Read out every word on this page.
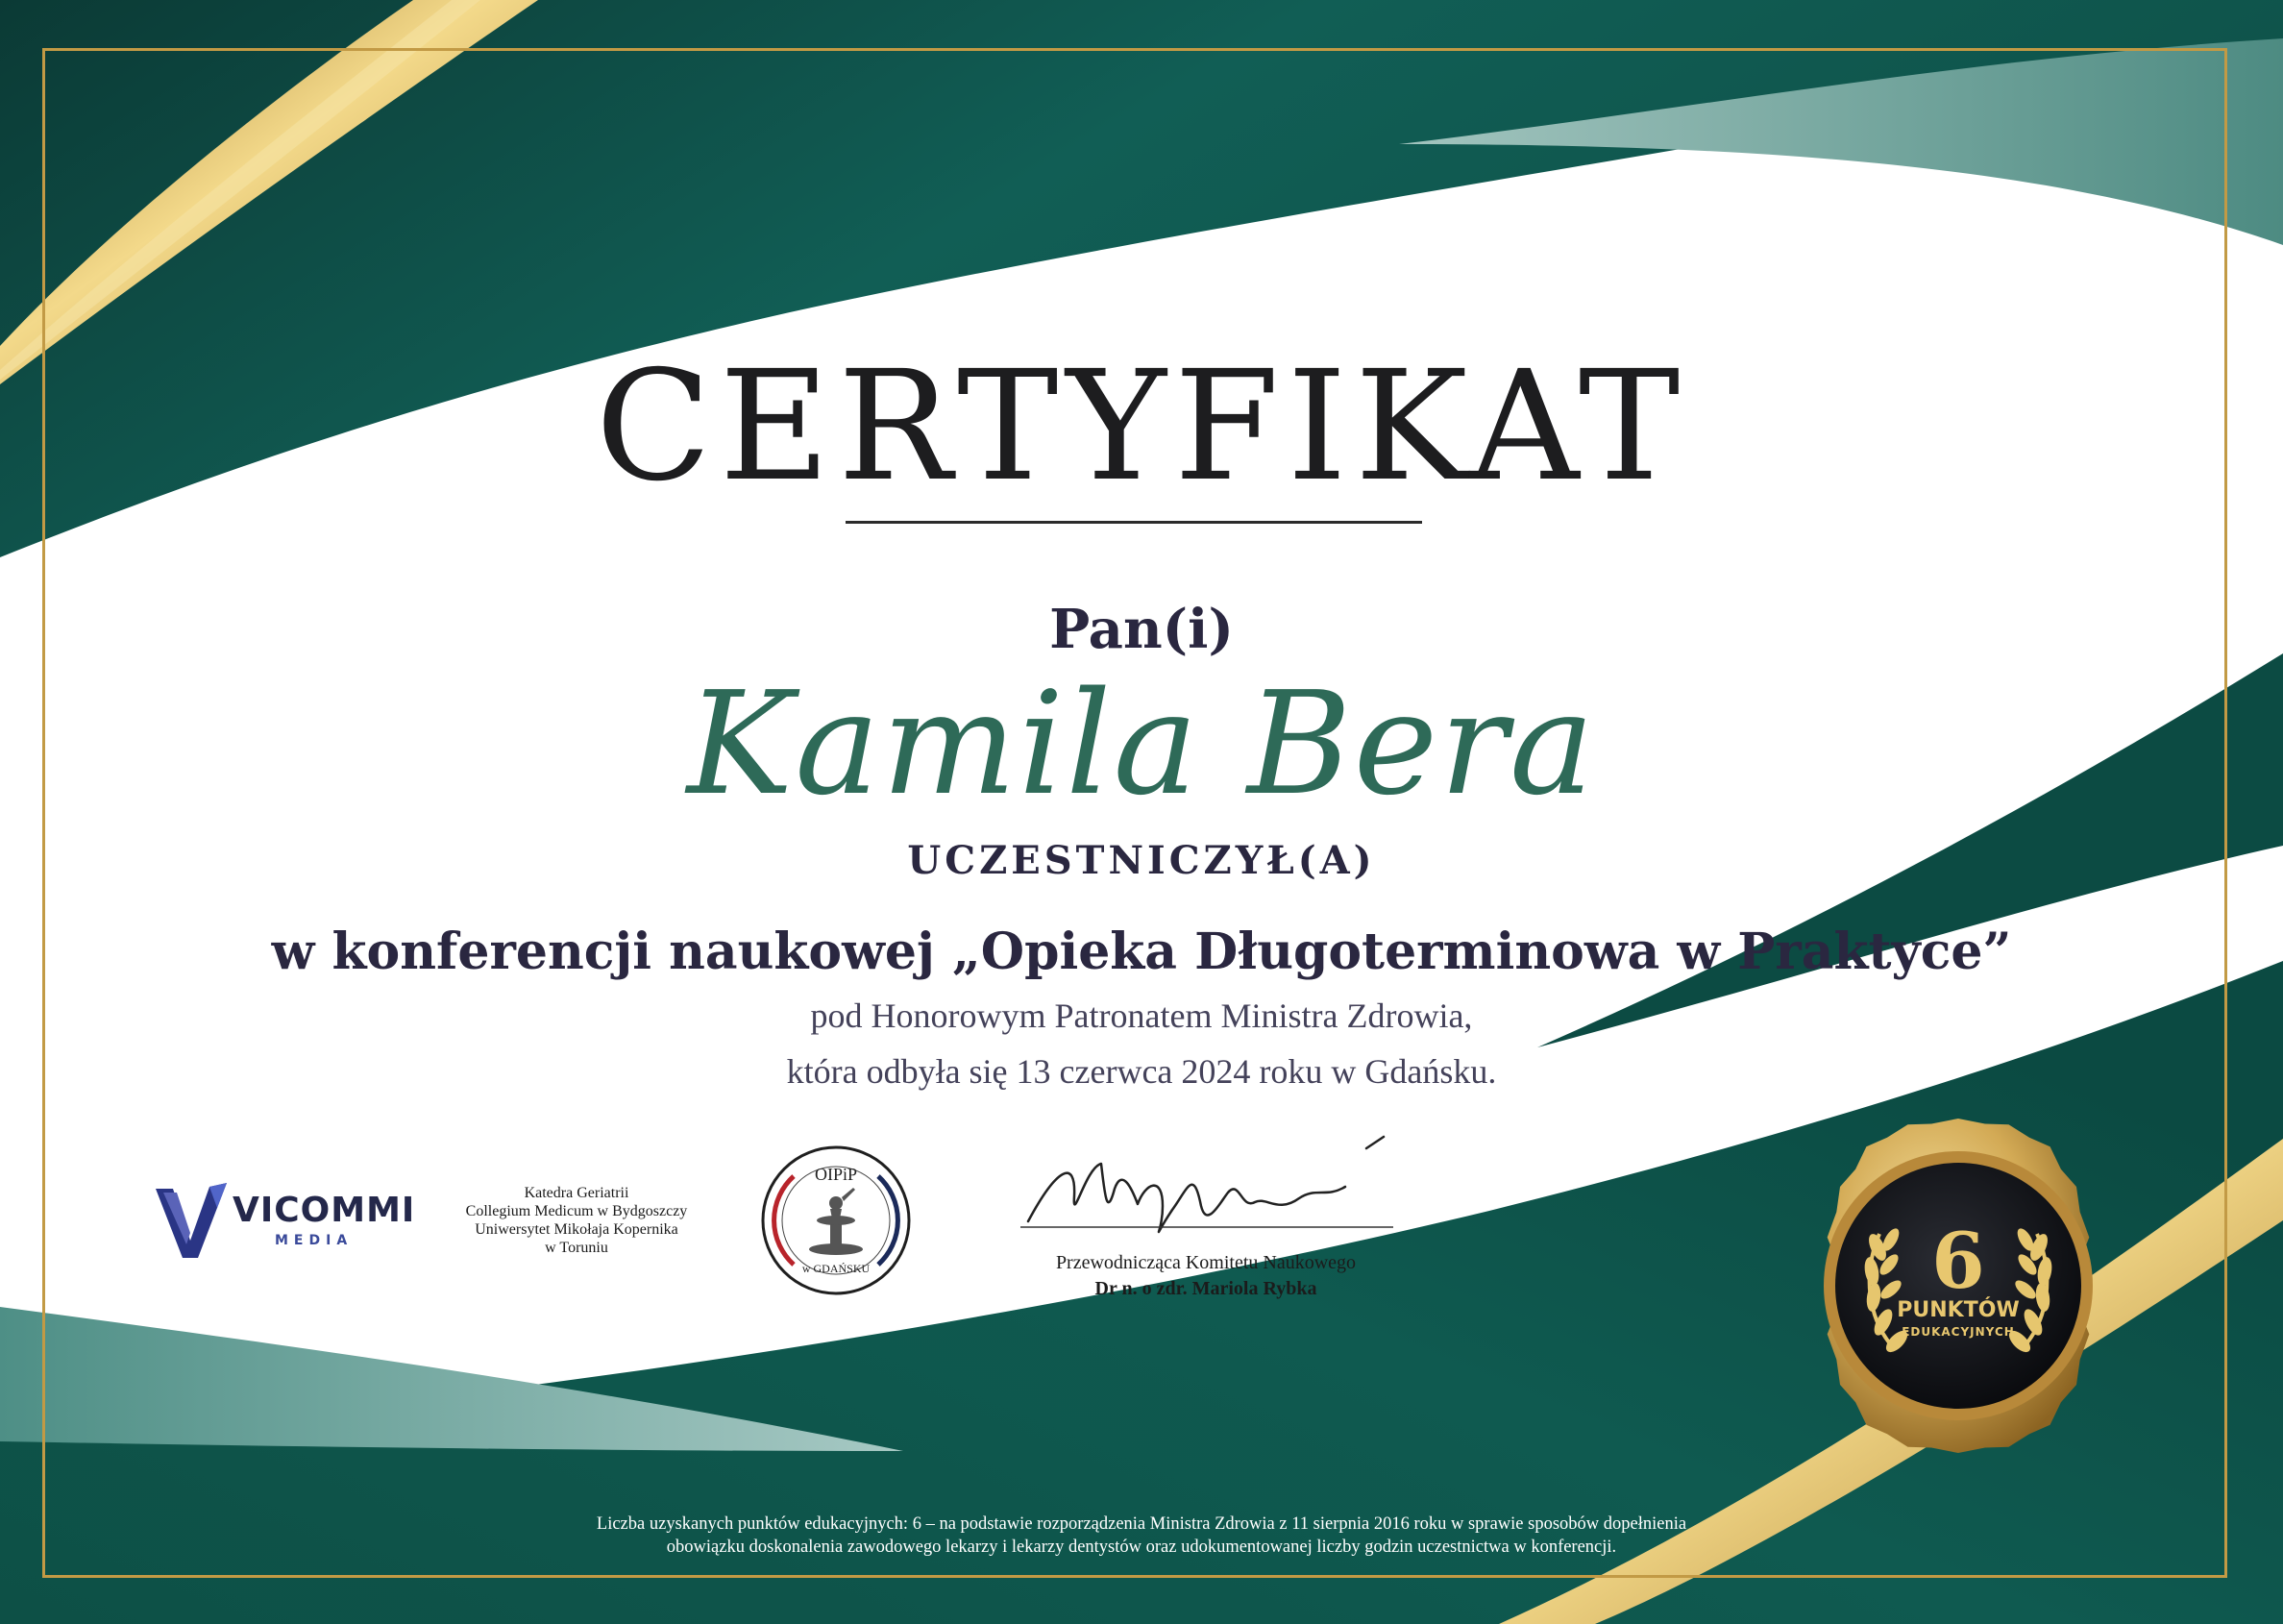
CERTYFIKAT
Pan(i)
Kamila Bera
UCZESTNICZYŁ(A)
w konferencji naukowej „Opieka Długoterminowa w Praktyce”
pod Honorowym Patronatem Ministra Zdrowia,
która odbyła się 13 czerwca 2024 roku w Gdańsku.
VICOMMI
MEDIA
Katedra Geriatrii
Collegium Medicum w Bydgoszczy
Uniwersytet Mikołaja Kopernika
w Toruniu
OIPiP
w GDAŃSKU	Przewodnicząca Komitetu Naukowego
Dr n. o zdr. Mariola Rybka	6
PUNKTÓW
EDUKACYJNYCH
Liczba uzyskanych punktów edukacyjnych: 6 – na podstawie rozporządzenia Ministra Zdrowia z 11 sierpnia 2016 roku w sprawie sposobów dopełnienia
obowiązku doskonalenia zawodowego lekarzy i lekarzy dentystów oraz udokumentowanej liczby godzin uczestnictwa w konferencji.
